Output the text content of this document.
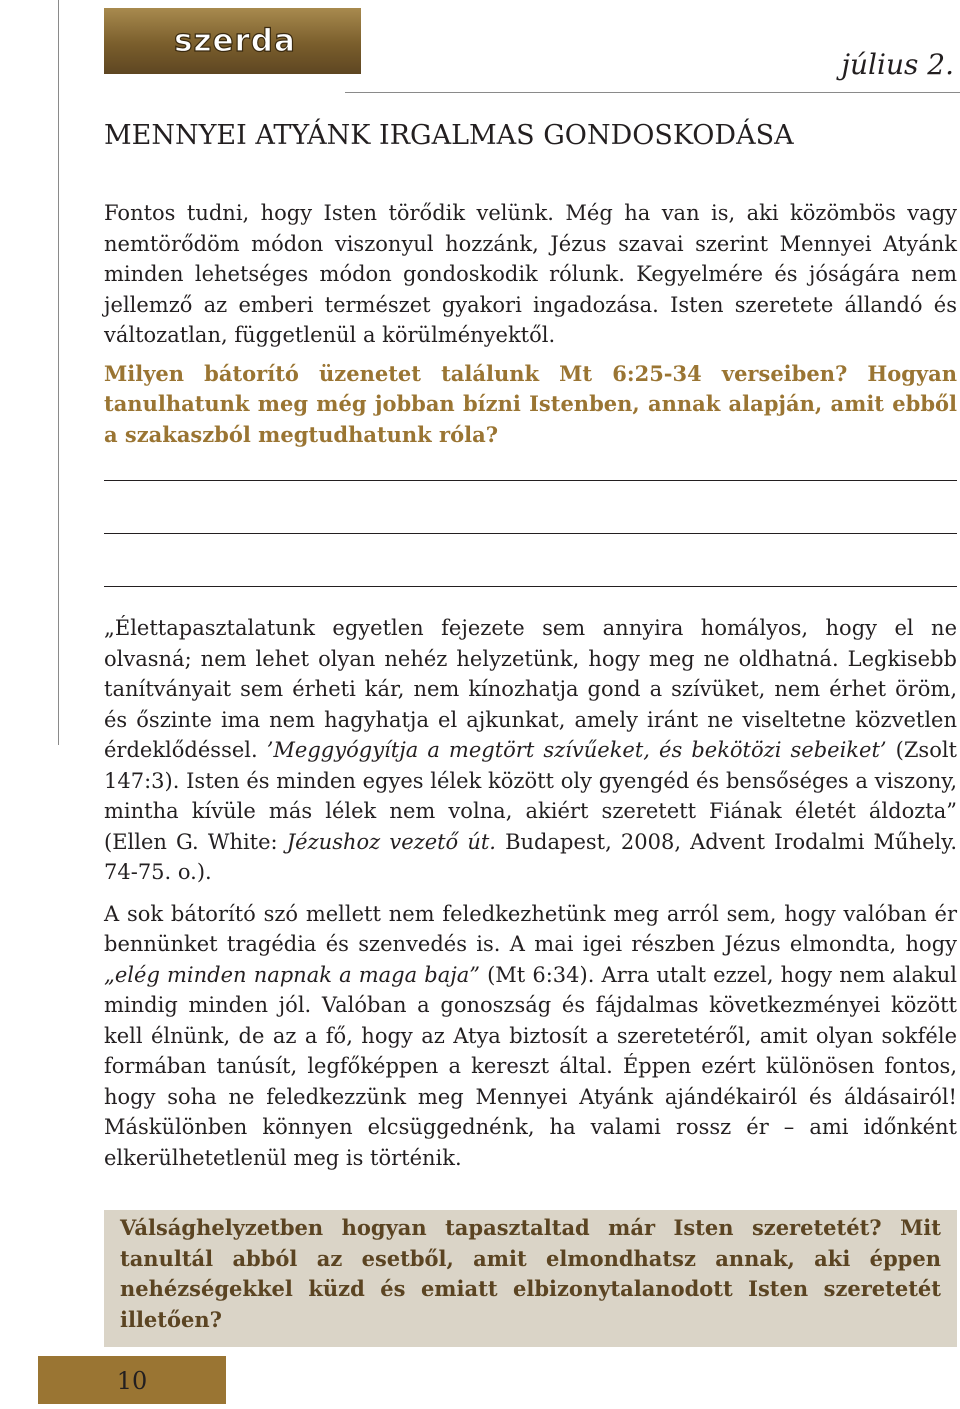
szerda
július 2.
MENNYEI ATYÁNK IRGALMAS GONDOSKODÁSA

Fontos tudni, hogy Isten törődik velünk. Még ha van is, aki közömbös vagy nemtörődöm módon viszonyul hozzánk, Jézus szavai szerint Mennyei Atyánk minden lehetséges módon gondoskodik rólunk. Kegyelmére és jóságára nem jellemző az emberi természet gyakori ingadozása. Isten szeretete állandó és változatlan, függetlenül a körülményektől.

Milyen bátorító üzenetet találunk Mt 6:25-34 verseiben? Hogyan tanulhatunk meg még jobban bízni Istenben, annak alapján, amit ebből a szakaszból megtudhatunk róla?

„Élettapasztalatunk egyetlen fejezete sem annyira homályos, hogy el ne olvasná; nem lehet olyan nehéz helyzetünk, hogy meg ne oldhatná. Legkisebb tanítványait sem érheti kár, nem kínozhatja gond a szívüket, nem érhet öröm, és őszinte ima nem hagyhatja el ajkunkat, amely iránt ne viseltetne közvetlen érdeklődéssel. ’Meggyógyítja a megtört szívűeket, és bekötözi sebeiket’ (Zsolt 147:3). Isten és minden egyes lélek között oly gyengéd és bensőséges a viszony, mintha kívüle más lélek nem volna, akiért szeretett Fiának életét áldozta” (Ellen G. White: Jézushoz vezető út. Budapest, 2008, Advent Irodalmi Műhely. 74-75. o.).

A sok bátorító szó mellett nem feledkezhetünk meg arról sem, hogy valóban ér bennünket tragédia és szenvedés is. A mai igei részben Jézus elmondta, hogy „elég minden napnak a maga baja” (Mt 6:34). Arra utalt ezzel, hogy nem alakul mindig minden jól. Valóban a gonoszság és fájdalmas következményei között kell élnünk, de az a fő, hogy az Atya biztosít a szeretetéről, amit olyan sokféle formában tanúsít, legfőképpen a kereszt által. Éppen ezért különösen fontos, hogy soha ne feledkezzünk meg Mennyei Atyánk ajándékairól és áldásairól! Máskülönben könnyen elcsüggednénk, ha valami rossz ér – ami időnként elkerülhetetlenül meg is történik.

Válsághelyzetben hogyan tapasztaltad már Isten szeretetét? Mit tanultál abból az esetből, amit elmondhatsz annak, aki éppen nehézségekkel küzd és emiatt elbizonytalanodott Isten szeretetét illetően?

10
